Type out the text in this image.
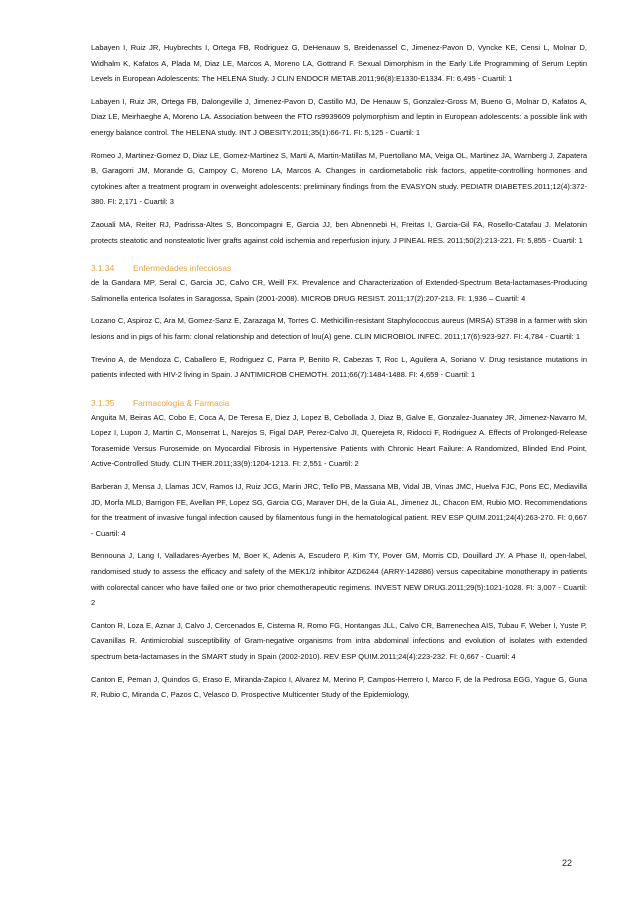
Labayen I, Ruiz JR, Huybrechts I, Ortega FB, Rodriguez G, DeHenauw S, Breidenassel C, Jimenez-Pavon D, Vyncke KE, Censi L, Molnar D, Widhalm K, Kafatos A, Plada M, Diaz LE, Marcos A, Moreno LA, Gottrand F. Sexual Dimorphism in the Early Life Programming of Serum Leptin Levels in European Adolescents: The HELENA Study. J CLIN ENDOCR METAB.2011;96(8):E1330-E1334. FI: 6,495 - Cuartil: 1

Labayen I, Ruiz JR, Ortega FB, Dalongeville J, Jimenez-Pavon D, Castillo MJ, De Henauw S, Gonzalez-Gross M, Bueno G, Molnar D, Kafatos A, Diaz LE, Meirhaeghe A, Moreno LA. Association between the FTO rs9939609 polymorphism and leptin in European adolescents: a possible link with energy balance control. The HELENA study. INT J OBESITY.2011;35(1):66-71. FI: 5,125 - Cuartil: 1

Romeo J, Martinez-Gomez D, Diaz LE, Gomez-Martinez S, Marti A, Martin-Matillas M, Puertollano MA, Veiga OL, Martinez JA, Warnberg J, Zapatera B, Garagorri JM, Morande G, Campoy C, Moreno LA, Marcos A. Changes in cardiometabolic risk factors, appetite-controlling hormones and cytokines after a treatment program in overweight adolescents: preliminary findings from the EVASYON study. PEDIATR DIABETES.2011;12(4):372-380. FI: 2,171 - Cuartil: 3

Zaouali MA, Reiter RJ, Padrissa-Altes S, Boncompagni E, Garcia JJ, ben Abnennebi H, Freitas I, Garcia-Gil FA, Rosello-Catafau J. Melatonin protects steatotic and nonsteatotic liver grafts against cold ischemia and reperfusion injury. J PINEAL RES. 2011;50(2):213-221. FI: 5,855 - Cuartil: 1

3.1.34 Enfermedades infecciosas

de la Gandara MP, Seral C, Garcia JC, Calvo CR, Weill FX. Prevalence and Characterization of Extended-Spectrum Beta-lactamases-Producing Salmonella enterica Isolates in Saragossa, Spain (2001-2008). MICROB DRUG RESIST. 2011;17(2):207-213. FI: 1,936 – Cuartil: 4

Lozano C, Aspiroz C, Ara M, Gomez-Sanz E, Zarazaga M, Torres C. Methicillin-resistant Staphylococcus aureus (MRSA) ST398 in a farmer with skin lesions and in pigs of his farm: clonal relationship and detection of lnu(A) gene. CLIN MICROBIOL INFEC. 2011;17(6):923-927. FI: 4,784 - Cuartil: 1

Trevino A, de Mendoza C, Caballero E, Rodriguez C, Parra P, Benito R, Cabezas T, Roc L, Aguilera A, Soriano V. Drug resistance mutations in patients infected with HIV-2 living in Spain. J ANTIMICROB CHEMOTH. 2011;66(7):1484-1488. FI: 4,659 - Cuartil: 1

3.1.35 Farmacología & Farmacia

Anguita M, Beiras AC, Cobo E, Coca A, De Teresa E, Diez J, Lopez B, Cebollada J, Diaz B, Galve E, Gonzalez-Juanatey JR, Jimenez-Navarro M, Lopez I, Lupon J, Martin C, Monserrat L, Narejos S, Figal DAP, Perez-Calvo JI, Querejeta R, Ridocci F, Rodriguez A. Effects of Prolonged-Release Torasemide Versus Furosemide on Myocardial Fibrosis in Hypertensive Patients with Chronic Heart Failure: A Randomized, Blinded End Point, Active-Controlled Study. CLIN THER.2011;33(9):1204-1213. FI: 2,551 - Cuartil: 2

Barberan J, Mensa J, Llamas JCV, Ramos IJ, Ruiz JCG, Marin JRC, Tello PB, Massana MB, Vidal JB, Vinas JMC, Huelva FJC, Pons EC, Mediavilla JD, Morfa MLD, Barrigon FE, Avellan PF, Lopez SG, Garcia CG, Maraver DH, de la Guia AL, Jimenez JL, Chacon EM, Rubio MO. Recommendations for the treatment of invasive fungal infection caused by filamentous fungi in the hematological patient. REV ESP QUIM.2011;24(4):263-270. FI: 0,667 - Cuartil: 4

Bennouna J, Lang I, Valladares-Ayerbes M, Boer K, Adenis A, Escudero P, Kim TY, Pover GM, Morris CD, Douillard JY. A Phase II, open-label, randomised study to assess the efficacy and safety of the MEK1/2 inhibitor AZD6244 (ARRY-142886) versus capecitabine monotherapy in patients with colorectal cancer who have failed one or two prior chemotherapeutic regimens. INVEST NEW DRUG.2011;29(5):1021-1028. FI: 3,007 - Cuartil: 2

Canton R, Loza E, Aznar J, Calvo J, Cercenados E, Cisterna R, Romo FG, Hontangas JLL, Calvo CR, Barrenechea AIS, Tubau F, Weber I, Yuste P, Cavanillas R. Antimicrobial susceptibility of Gram-negative organisms from intra abdominal infections and evolution of isolates with extended spectrum beta-lactamases in the SMART study in Spain (2002-2010). REV ESP QUIM.2011;24(4):223-232. FI: 0,667 - Cuartil: 4

Canton E, Peman J, Quindos G, Eraso E, Miranda-Zapico I, Alvarez M, Merino P, Campos-Herrero I, Marco F, de la Pedrosa EGG, Yague G, Guna R, Rubio C, Miranda C, Pazos C, Velasco D. Prospective Multicenter Study of the Epidemiology,

22
